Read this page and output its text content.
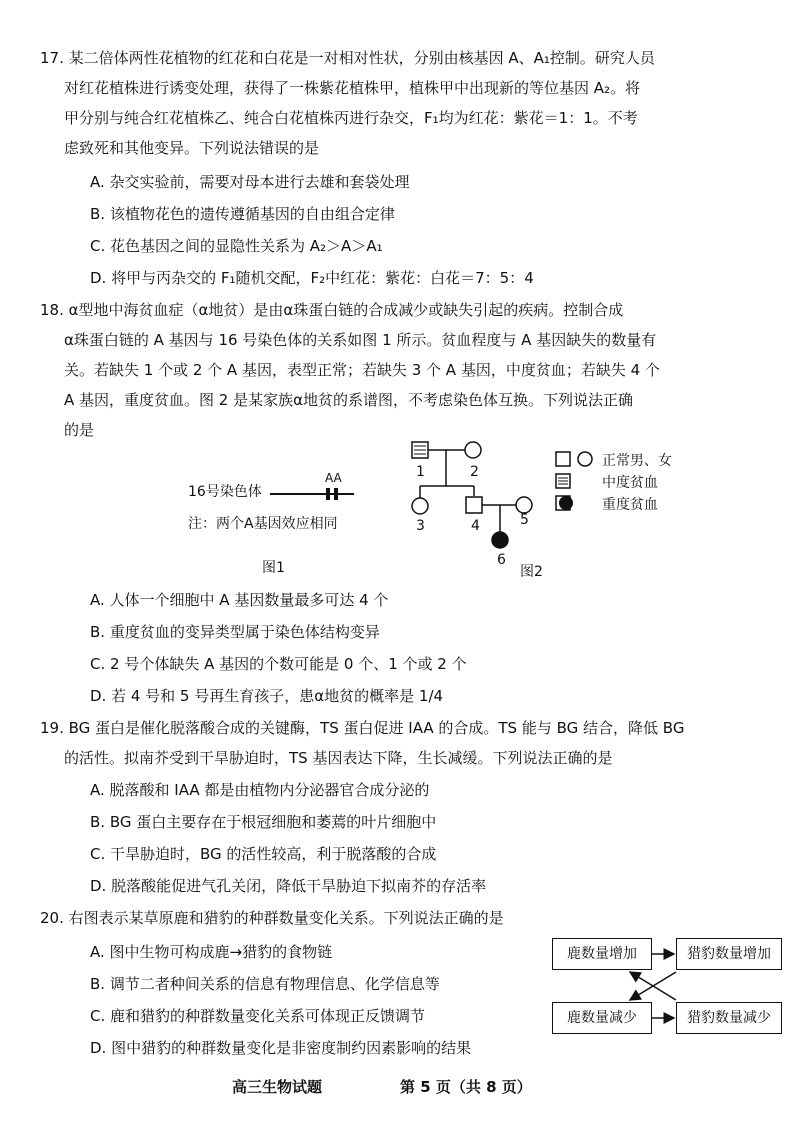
17. 某二倍体两性花植物的红花和白花是一对相对性状，分别由核基因 A、A₁控制。研究人员
对红花植株进行诱变处理，获得了一株紫花植株甲，植株甲中出现新的等位基因 A₂。将
甲分别与纯合红花植株乙、纯合白花植株丙进行杂交，F₁均为红花：紫花＝1：1。不考
虑致死和其他变异。下列说法错误的是
A. 杂交实验前，需要对母本进行去雄和套袋处理
B. 该植物花色的遗传遵循基因的自由组合定律
C. 花色基因之间的显隐性关系为 A₂＞A＞A₁
D. 将甲与丙杂交的 F₁随机交配，F₂中红花：紫花：白花＝7：5：4
18. α型地中海贫血症（α地贫）是由α珠蛋白链的合成减少或缺失引起的疾病。控制合成
α珠蛋白链的 A 基因与 16 号染色体的关系如图 1 所示。贫血程度与 A 基因缺失的数量有
关。若缺失 1 个或 2 个 A 基因，表型正常；若缺失 3 个 A 基因，中度贫血；若缺失 4 个
A 基因，重度贫血。图 2 是某家族α地贫的系谱图，不考虑染色体互换。下列说法正确
的是
16号染色体
AA
注：两个A基因效应相同
图1
1	2
3	4	5
6
图2
正常男、女
中度贫血
重度贫血
A. 人体一个细胞中 A 基因数量最多可达 4 个
B. 重度贫血的变异类型属于染色体结构变异
C. 2 号个体缺失 A 基因的个数可能是 0 个、1 个或 2 个
D. 若 4 号和 5 号再生育孩子，患α地贫的概率是 1/4
19. BG 蛋白是催化脱落酸合成的关键酶，TS 蛋白促进 IAA 的合成。TS 能与 BG 结合，降低 BG
的活性。拟南芥受到干旱胁迫时，TS 基因表达下降，生长减缓。下列说法正确的是
A. 脱落酸和 IAA 都是由植物内分泌器官合成分泌的
B. BG 蛋白主要存在于根冠细胞和萎蔫的叶片细胞中
C. 干旱胁迫时，BG 的活性较高，利于脱落酸的合成
D. 脱落酸能促进气孔关闭，降低干旱胁迫下拟南芥的存活率
20. 右图表示某草原鹿和猎豹的种群数量变化关系。下列说法正确的是
A. 图中生物可构成鹿→猎豹的食物链
B. 调节二者种间关系的信息有物理信息、化学信息等
C. 鹿和猎豹的种群数量变化关系可体现正反馈调节
D. 图中猎豹的种群数量变化是非密度制约因素影响的结果
鹿数量增加	猎豹数量增加
鹿数量减少	猎豹数量减少
高三生物试题	第 5 页（共 8 页）
